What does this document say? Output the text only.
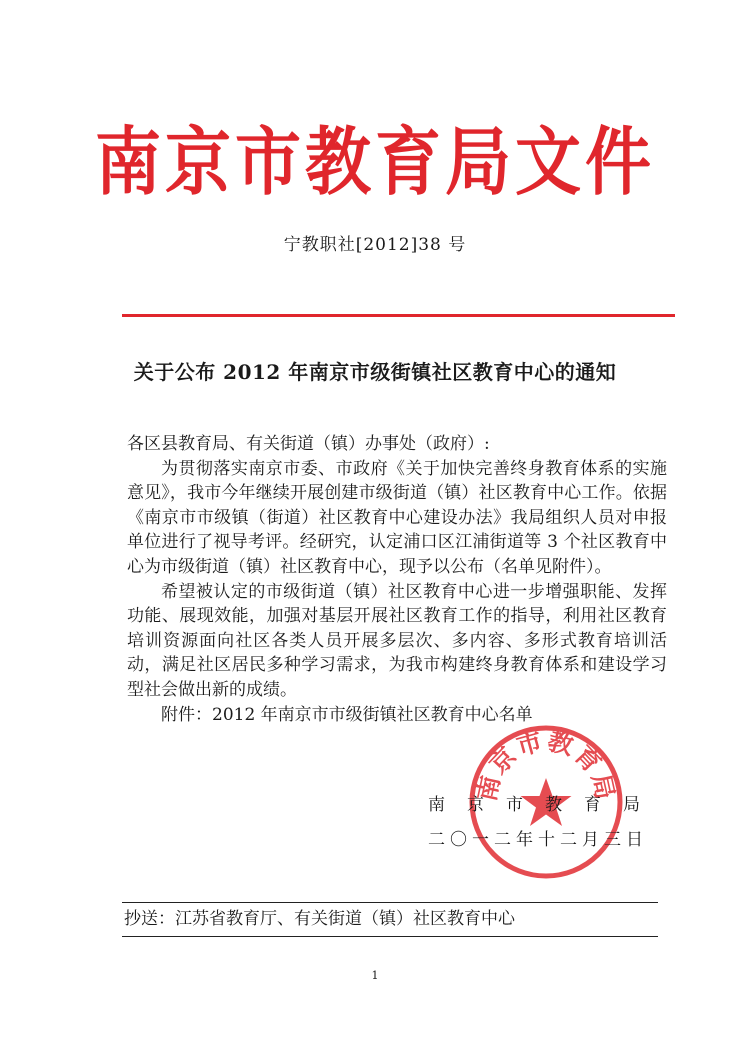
南京市教育局文件
宁教职社[2012]38 号
关于公布 2012 年南京市级街镇社区教育中心的通知

各区县教育局、有关街道（镇）办事处（政府）:

为贯彻落实南京市委、市政府《关于加快完善终身教育体系的实施意见》，我市今年继续开展创建市级街道（镇）社区教育中心工作。依据《南京市市级镇（街道）社区教育中心建设办法》我局组织人员对申报单位进行了视导考评。经研究，认定浦口区江浦街道等 3 个社区教育中心为市级街道（镇）社区教育中心，现予以公布（名单见附件）。

希望被认定的市级街道（镇）社区教育中心进一步增强职能、发挥功能、展现效能，加强对基层开展社区教育工作的指导，利用社区教育培训资源面向社区各类人员开展多层次、多内容、多形式教育培训活动，满足社区居民多种学习需求，为我市构建终身教育体系和建设学习型社会做出新的成绩。

附件：2012 年南京市市级街镇社区教育中心名单

南京市教育局
南京市教育局
二〇一二年十二月三日
抄送：江苏省教育厅、有关街道（镇）社区教育中心
1
